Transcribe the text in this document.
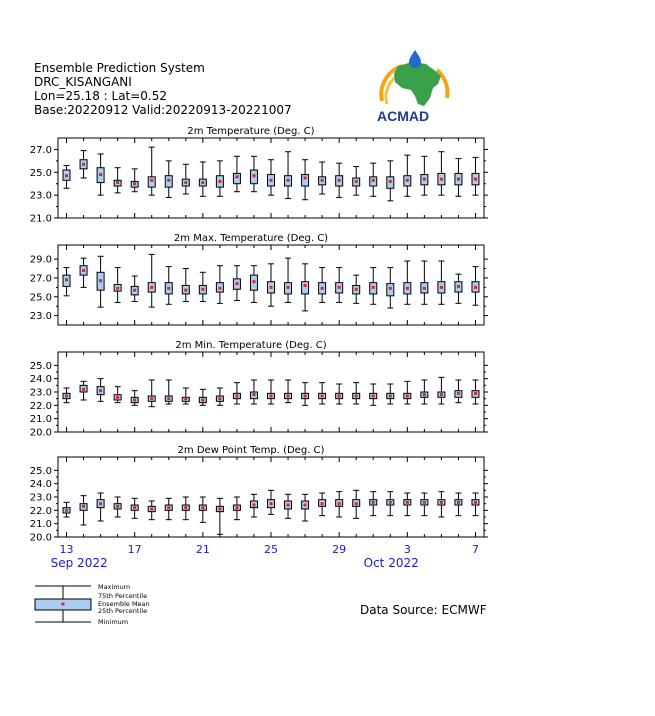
Ensemble Prediction System
DRC_KISANGANI
Lon=25.18 : Lat=0.52
Base:20220912 Valid:20220913-20221007	ACMAD
2m Temperature (Deg. C)
27.0
25.0
23.0
21.0
2m Max. Temperature (Deg. C)
29.0
27.0
25.0
23.0
2m Min. Temperature (Deg. C)
25.0
24.0
23.0
22.0
21.0
20.0
2m Dew Point Temp. (Deg. C)
25.0
24.0
23.0
22.0
21.0
20.0
13	17	21	25	29	3	7
Sep 2022	Oct 2022
Maximum
75th Percentile
Ensemble Mean
25th Percentile
Minimum
Data Source: ECMWF
